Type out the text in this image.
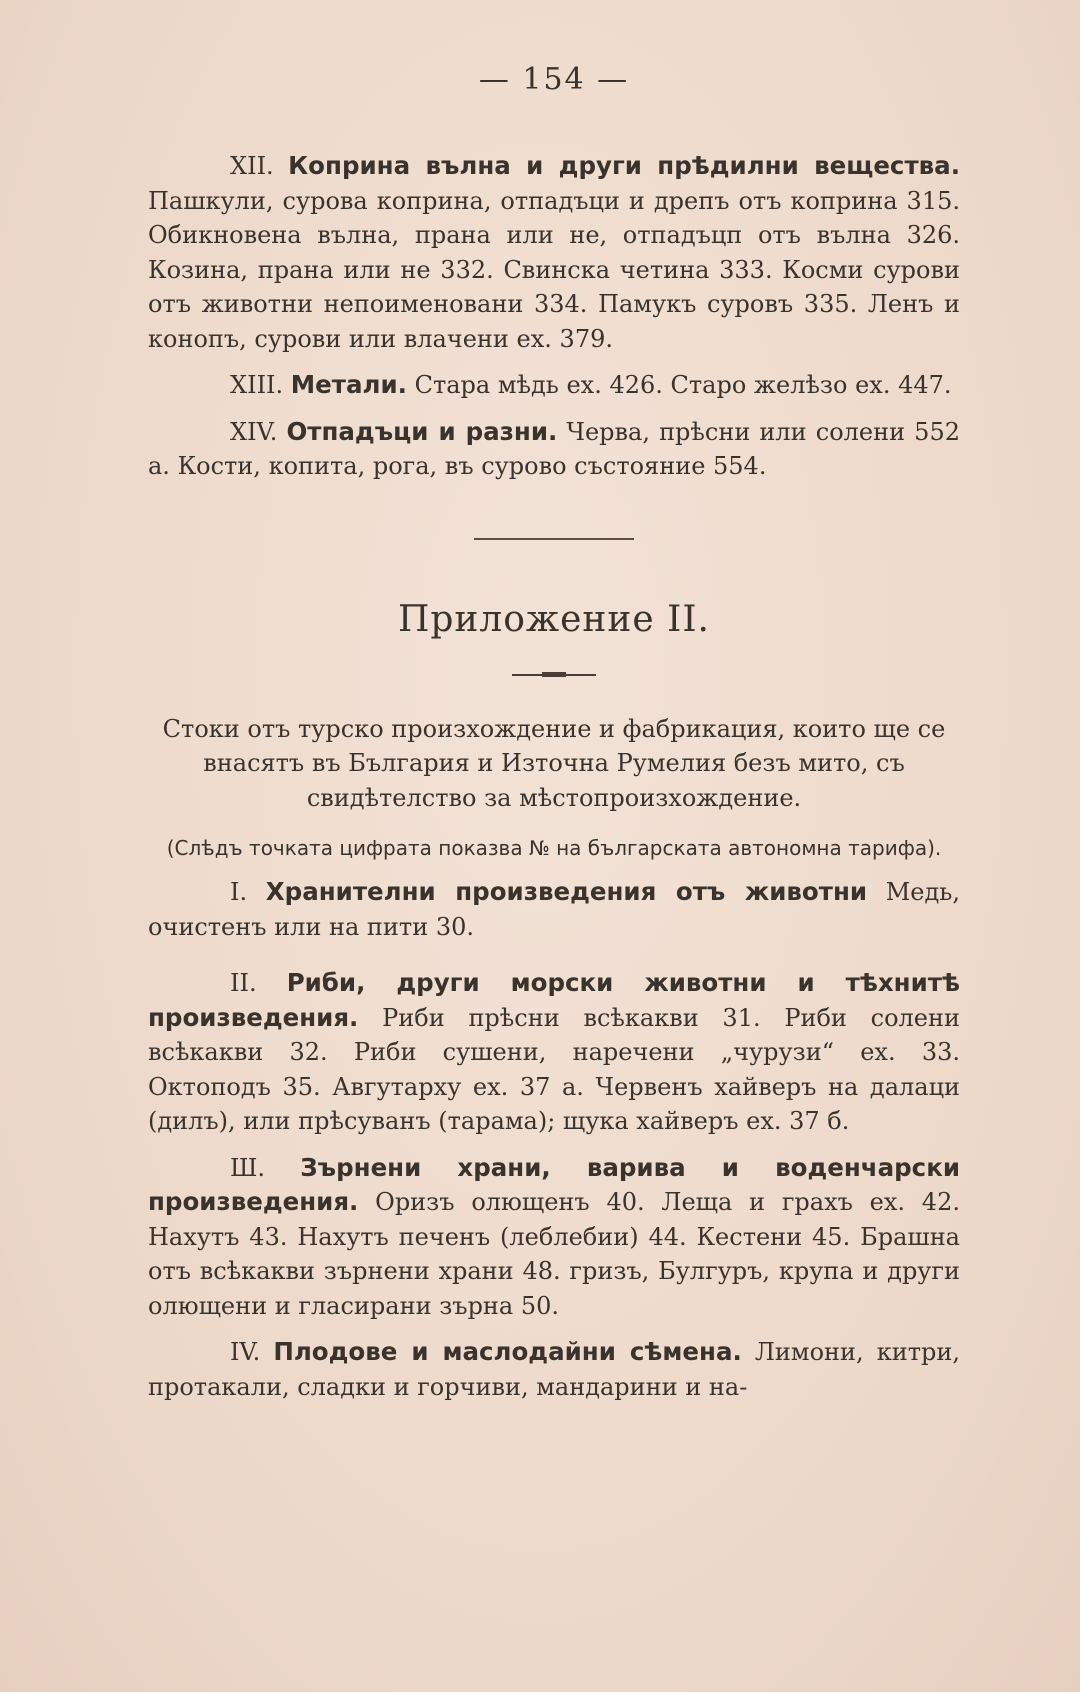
— 154 —

XII. Коприна вълна и други прѣдилни вещества. Пашкули, сурова коприна, отпадъци и дрепъ отъ коприна 315. Обикновена вълна, прана или не, отпадъцп отъ вълна 326. Козина, прана или не 332. Свинска четина 333. Косми сурови отъ животни непоименовани 334. Памукъ суровъ 335. Ленъ и конопъ, сурови или влачени ex. 379.

XIII. Метали. Стара мѣдь ex. 426. Старо желѣзо ex. 447.

XIV. Отпадъци и разни. Черва, прѣсни или солени 552 а. Кости, копита, рога, въ сурово състояние 554.

Приложение II.

Стоки отъ турско произхождение и фабрикация, които ще се внасятъ въ България и Източна Румелия безъ мито, съ свидѣтелство за мѣстопроизхождение.

(Слѣдъ точката цифрата показва № на българската автономна тарифа).

I. Хранителни произведения отъ животни Медь, очистенъ или на пити 30.

II. Риби, други морски животни и тѣхнитѣ произведения. Риби прѣсни всѣкакви 31. Риби солени всѣкакви 32. Риби сушени, наречени „чурузи“ ex. 33. Октоподъ 35. Авгутарху ex. 37 а. Червенъ хайверъ на далаци (дилъ), или прѣсуванъ (тарама); щука хайверъ ex. 37 б.

Ш. Зърнени храни, варива и воденчарски произведения. Оризъ олющенъ 40. Леща и грахъ ex. 42. Нахутъ 43. Нахутъ печенъ (леблебии) 44. Кестени 45. Брашна отъ всѣкакви зърнени храни 48. гризъ, Булгуръ, крупа и други олющени и гласирани зърна 50.

IV. Плодове и маслодайни сѣмена. Лимони, китри, протакали, сладки и горчиви, мандарини и на-
